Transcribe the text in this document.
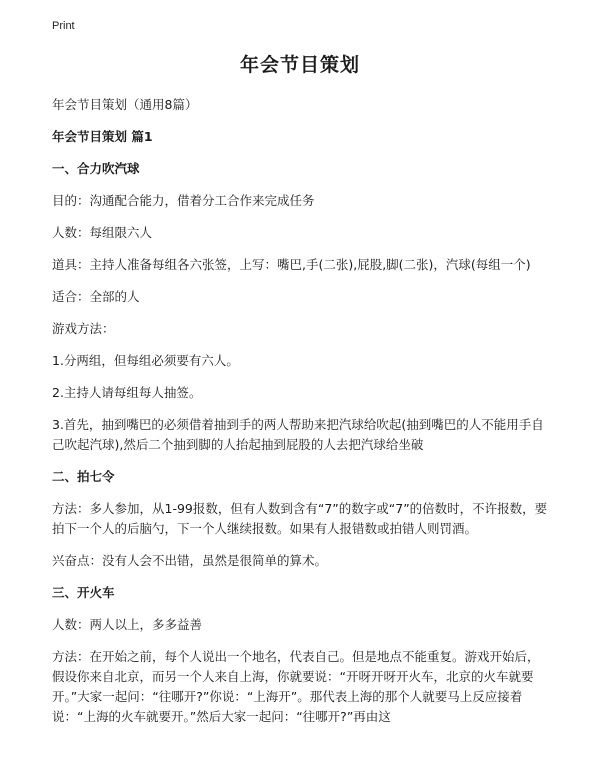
Print
年会节目策划
年会节目策划（通用8篇）
年会节目策划 篇1
一、合力吹汽球
目的：沟通配合能力，借着分工合作来完成任务
人数：每组限六人
道具：主持人准备每组各六张签，上写：嘴巴,手(二张),屁股,脚(二张)，汽球(每组一个)
适合：全部的人
游戏方法：
1.分两组，但每组必须要有六人。
2.主持人请每组每人抽签。
3.首先，抽到嘴巴的必须借着抽到手的两人帮助来把汽球给吹起(抽到嘴巴的人不能用手自己吹起汽球),然后二个抽到脚的人抬起抽到屁股的人去把汽球给坐破
二、拍七令
方法：多人参加，从1-99报数，但有人数到含有“7”的数字或“7”的倍数时，不许报数，要拍下一个人的后脑勺，下一个人继续报数。如果有人报错数或拍错人则罚酒。
兴奋点：没有人会不出错，虽然是很简单的算术。
三、开火车
人数：两人以上，多多益善
方法：在开始之前，每个人说出一个地名，代表自己。但是地点不能重复。游戏开始后，假设你来自北京，而另一个人来自上海，你就要说：“开呀开呀开火车，北京的火车就要开。”大家一起问：“往哪开?”你说：“上海开”。那代表上海的那个人就要马上反应接着说：“上海的火车就要开。”然后大家一起问：“往哪开?”再由这
